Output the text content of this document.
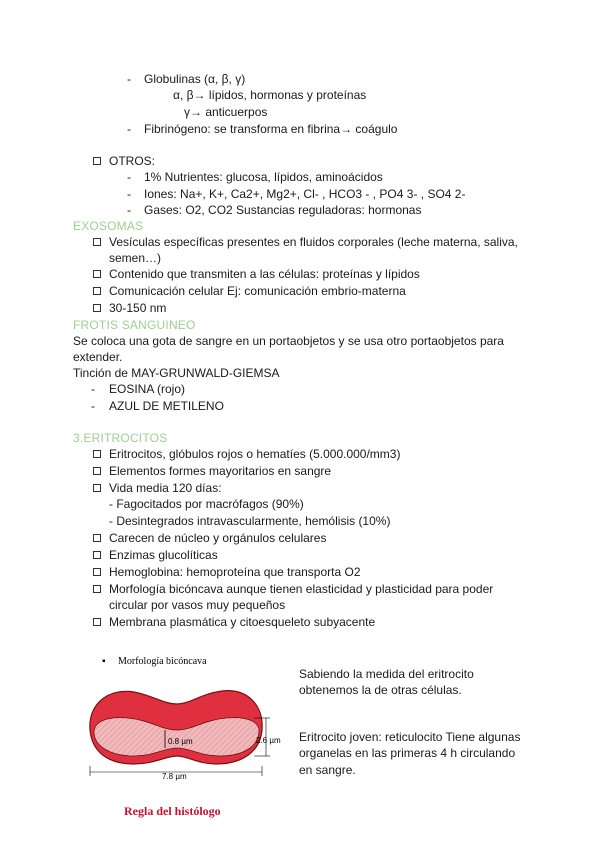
- Globulinas (α, β, γ)
α, β→ lípidos, hormonas y proteínas
γ→ anticuerpos
- Fibrinógeno: se transforma en fibrina→ coágulo
OTROS:
- 1% Nutrientes: glucosa, lípidos, aminoácidos
- Iones: Na+, K+, Ca2+, Mg2+, Cl- , HCO3 - , PO4 3- , SO4 2-
- Gases: O2, CO2 Sustancias reguladoras: hormonas
EXOSOMAS
Vesículas específicas presentes en fluidos corporales (leche materna, saliva,
semen…)
Contenido que transmiten a las células: proteínas y lípidos
Comunicación celular Ej: comunicación embrio-materna
30-150 nm
FROTIS SANGUINEO
Se coloca una gota de sangre en un portaobjetos y se usa otro portaobjetos para
extender.
Tinción de MAY-GRUNWALD-GIEMSA
- EOSINA (rojo)
- AZUL DE METILENO
3.ERITROCITOS
Eritrocitos, glóbulos rojos o hematíes (5.000.000/mm3)
Elementos formes mayoritarios en sangre
Vida media 120 días:
- Fagocitados por macrófagos (90%)
- Desintegrados intravascularmente, hemólisis (10%)
Carecen de núcleo y orgánulos celulares
Enzimas glucolíticas
Hemoglobina: hemoproteína que transporta O2
Morfología bicóncava aunque tienen elasticidad y plasticidad para poder
circular por vasos muy pequeños
Membrana plasmática y citoesqueleto subyacente
▪ Morfología bicóncava
0.8 µm	2.6 µm
7.8 µm
Regla del histólogo
Sabiendo la medida del eritrocito
obtenemos la de otras células.
Eritrocito joven: reticulocito Tiene algunas
organelas en las primeras 4 h circulando
en sangre.
